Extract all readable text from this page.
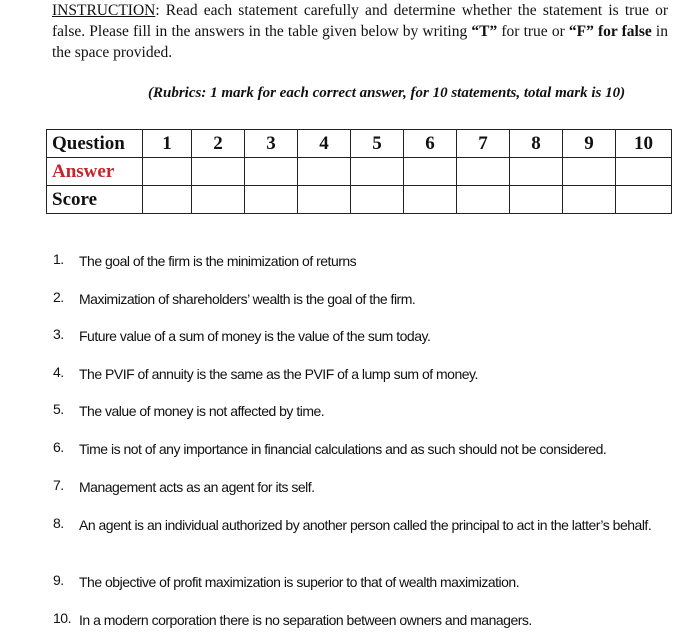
INSTRUCTION: Read each statement carefully and determine whether the statement is true or false. Please fill in the answers in the table given below by writing “T” for true or “F” for false in the space provided.
(Rubrics: 1 mark for each correct answer, for 10 statements, total mark is 10)
Question	1	2	3	4	5	6	7	8	9	10
Answer										
Score										
1.	The goal of the firm is the minimization of returns
2.	Maximization of shareholders’ wealth is the goal of the firm.
3.	Future value of a sum of money is the value of the sum today.
4.	The PVIF of annuity is the same as the PVIF of a lump sum of money.
5.	The value of money is not affected by time.
6.	Time is not of any importance in financial calculations and as such should not be considered.
7.	Management acts as an agent for its self.
8.	An agent is an individual authorized by another person called the principal to act in the latter’s behalf.
9.	The objective of profit maximization is superior to that of wealth maximization.
10. In a modern corporation there is no separation between owners and managers.
